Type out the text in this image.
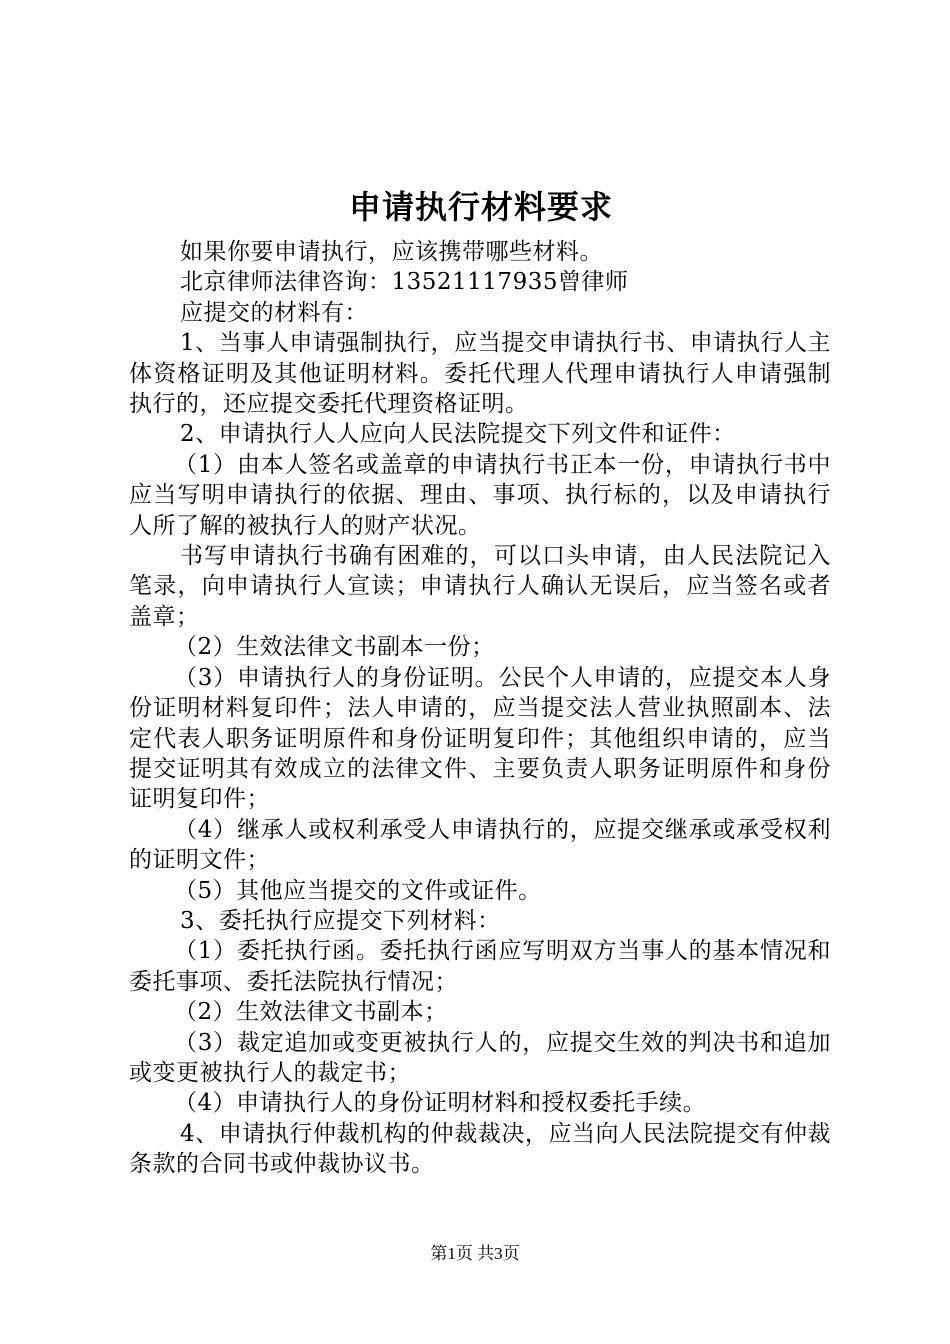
申请执行材料要求

如果你要申请执行，应该携带哪些材料。

北京律师法律咨询：13521117935曾律师

应提交的材料有：

1、当事人申请强制执行，应当提交申请执行书、申请执行人主体资格证明及其他证明材料。委托代理人代理申请执行人申请强制执行的，还应提交委托代理资格证明。

2、申请执行人人应向人民法院提交下列文件和证件：

（1）由本人签名或盖章的申请执行书正本一份，申请执行书中应当写明申请执行的依据、理由、事项、执行标的，以及申请执行人所了解的被执行人的财产状况。

书写申请执行书确有困难的，可以口头申请，由人民法院记入笔录，向申请执行人宣读；申请执行人确认无误后，应当签名或者盖章；

（2）生效法律文书副本一份；

（3）申请执行人的身份证明。公民个人申请的，应提交本人身份证明材料复印件；法人申请的，应当提交法人营业执照副本、法定代表人职务证明原件和身份证明复印件；其他组织申请的，应当提交证明其有效成立的法律文件、主要负责人职务证明原件和身份证明复印件；

（4）继承人或权利承受人申请执行的，应提交继承或承受权利的证明文件；

（5）其他应当提交的文件或证件。

3、委托执行应提交下列材料：

（1）委托执行函。委托执行函应写明双方当事人的基本情况和委托事项、委托法院执行情况；

（2）生效法律文书副本；

（3）裁定追加或变更被执行人的，应提交生效的判决书和追加或变更被执行人的裁定书；

（4）申请执行人的身份证明材料和授权委托手续。

4、申请执行仲裁机构的仲裁裁决，应当向人民法院提交有仲裁条款的合同书或仲裁协议书。

第1页 共3页
